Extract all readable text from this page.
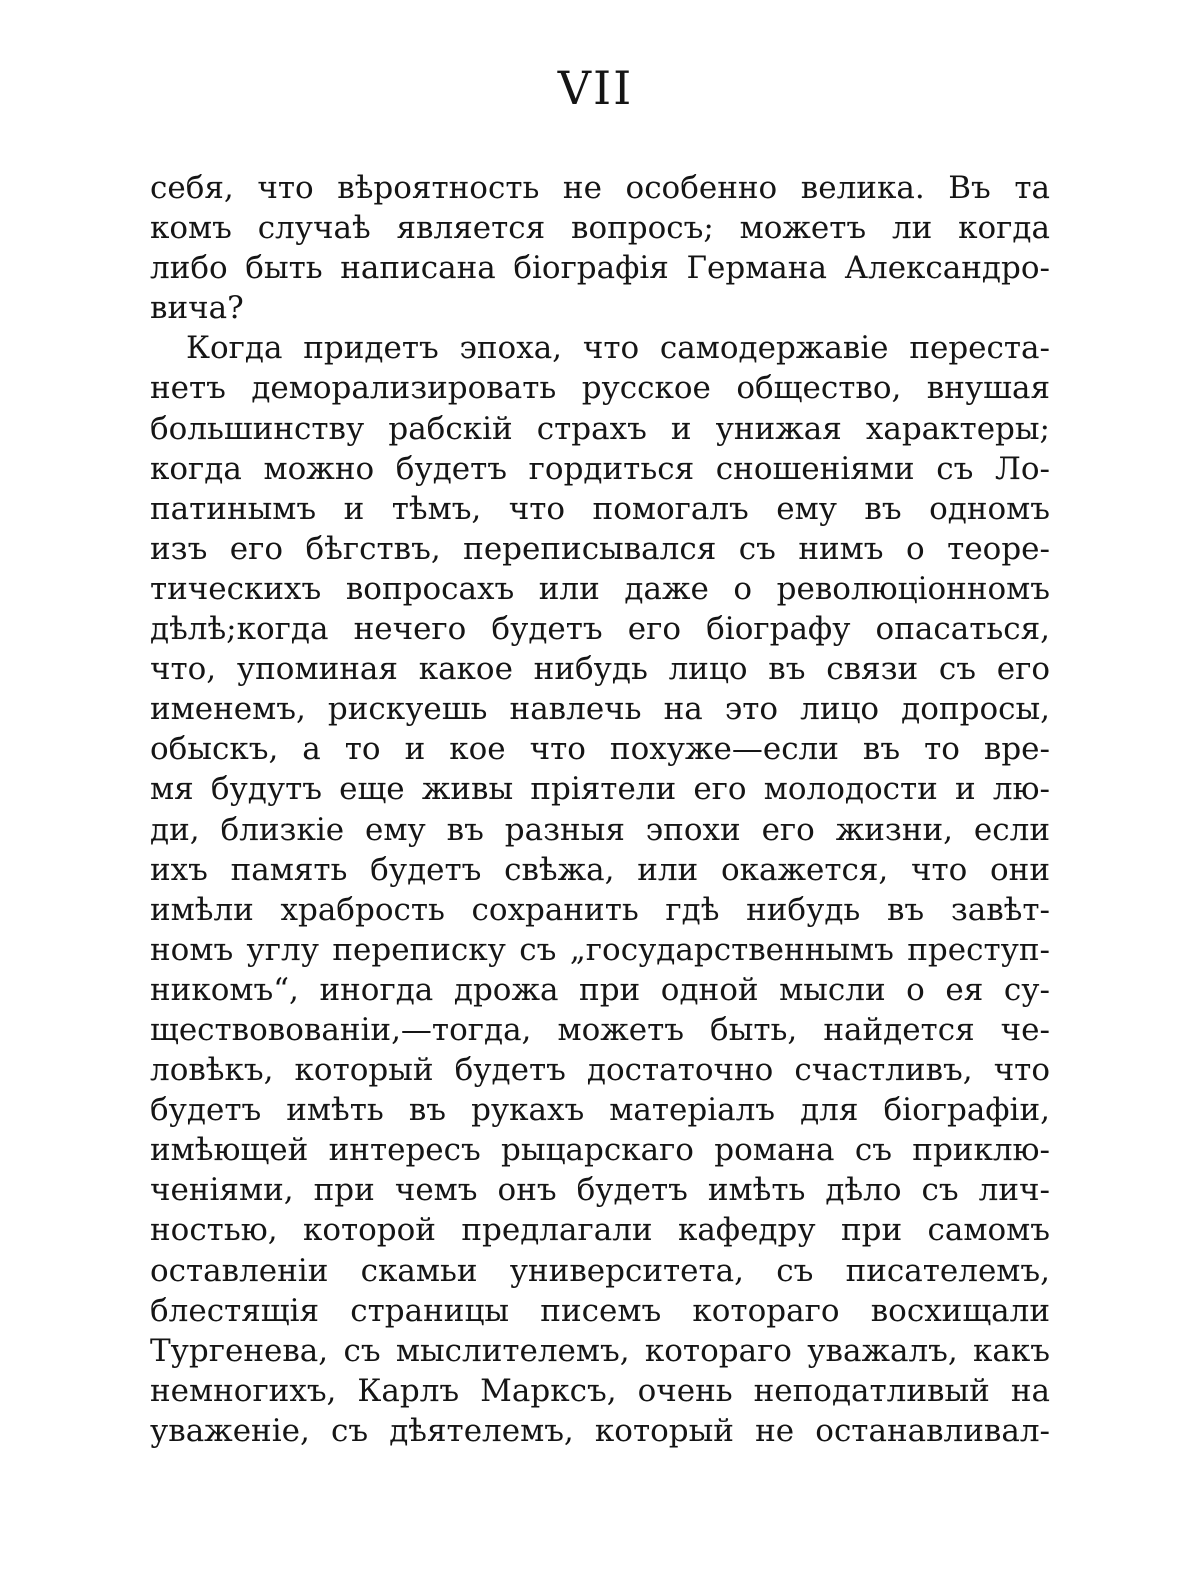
VII
себя, что вѣроятность не особенно велика. Въ та
комъ случаѣ является вопросъ; можетъ ли когда
либо быть написана біографія Германа Александро-
вича?
Когда придетъ эпоха, что самодержавіе переста-
нетъ деморализировать русское общество, внушая
большинству рабскій страхъ и унижая характеры;
когда можно будетъ гордиться сношеніями съ Ло-
патинымъ и тѣмъ, что помогалъ ему въ одномъ
изъ его бѣгствъ, переписывался съ нимъ о теоре-
тическихъ вопросахъ или даже о революціонномъ
дѣлѣ;когда нечего будетъ его біографу опасаться,
что, упоминая какое нибудь лицо въ связи съ его
именемъ, рискуешь навлечь на это лицо допросы,
обыскъ, а то и кое что похуже—если въ то вре-
мя будутъ еще живы пріятели его молодости и лю-
ди, близкіе ему въ разныя эпохи его жизни, если
ихъ память будетъ свѣжа, или окажется, что они
имѣли храбрость сохранить гдѣ нибудь въ завѣт-
номъ углу переписку съ „государственнымъ преступ-
никомъ“, иногда дрожа при одной мысли о ея су-
ществовованіи,—тогда, можетъ быть, найдется че-
ловѣкъ, который будетъ достаточно счастливъ, что
будетъ имѣть въ рукахъ матеріалъ для біографіи,
имѣющей интересъ рыцарскаго романа съ приклю-
ченіями, при чемъ онъ будетъ имѣть дѣло съ лич-
ностью, которой предлагали кафедру при самомъ
оставленіи скамьи университета, съ писателемъ,
блестящія страницы писемъ котораго восхищали
Тургенева, съ мыслителемъ, котораго уважалъ, какъ
немногихъ, Карлъ Марксъ, очень неподатливый на
уваженіе, съ дѣятелемъ, который не останавливал-
